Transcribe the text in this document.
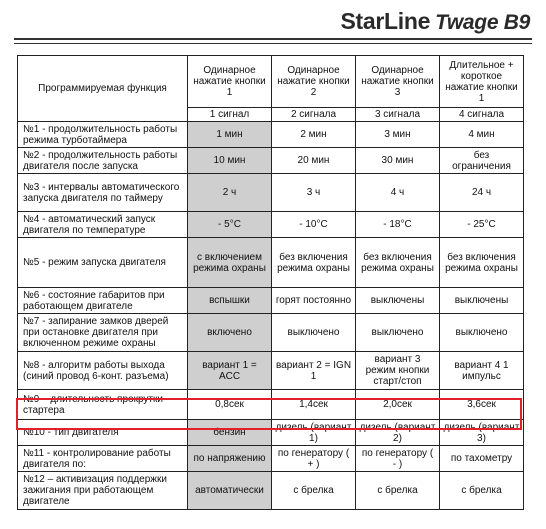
StarLine Twage B9
Программируемая функция	Одинарное нажатие кнопки 1	Одинарное нажатие кнопки 2	Одинарное нажатие кнопки 3	Длительное + короткое нажатие кнопки 1
	1 сигнал	2 сигнала	3 сигнала	4 сигнала
№1 - продолжительность работы режима турботаймера	1 мин	2 мин	3 мин	4 мин
№2 - продолжительность работы двигателя после запуска	10 мин	20 мин	30 мин	без ограничения
№3 - интервалы автоматического запуска двигателя по таймеру	2 ч	3 ч	4 ч	24 ч
№4 - автоматический запуск двигателя по температуре	- 5°C	- 10°C	- 18°C	- 25°C
№5 - режим запуска двигателя	с включением режима охраны	без включения режима охраны	без включения режима охраны	без включения режима охраны
№6 - состояние габаритов при работающем двигателе	вспышки	горят постоянно	выключены	выключены
№7 - запирание замков дверей при остановке двигателя при включенном режиме охраны	включено	выключено	выключено	выключено
№8 - алгоритм работы выхода (синий провод 6-конт. разъема)	вариант 1 = ACC	вариант 2 = IGN 1	вариант 3 режим кнопки старт/стоп	вариант 4 1 импульс
№9 – длительность прокрутки стартера	0,8сек	1,4сек	2,0сек	3,6сек
№10 - тип двигателя	бензин	дизель (вариант 1)	дизель (вариант 2)	дизель (вариант 3)
№11 - контролирование работы двигателя по:	по напряжению	по генератору ( + )	по генератору ( - )	по тахометру
№12 – активизация поддержки зажигания при работающем двигателе	автоматически	с брелка	с брелка	с брелка
